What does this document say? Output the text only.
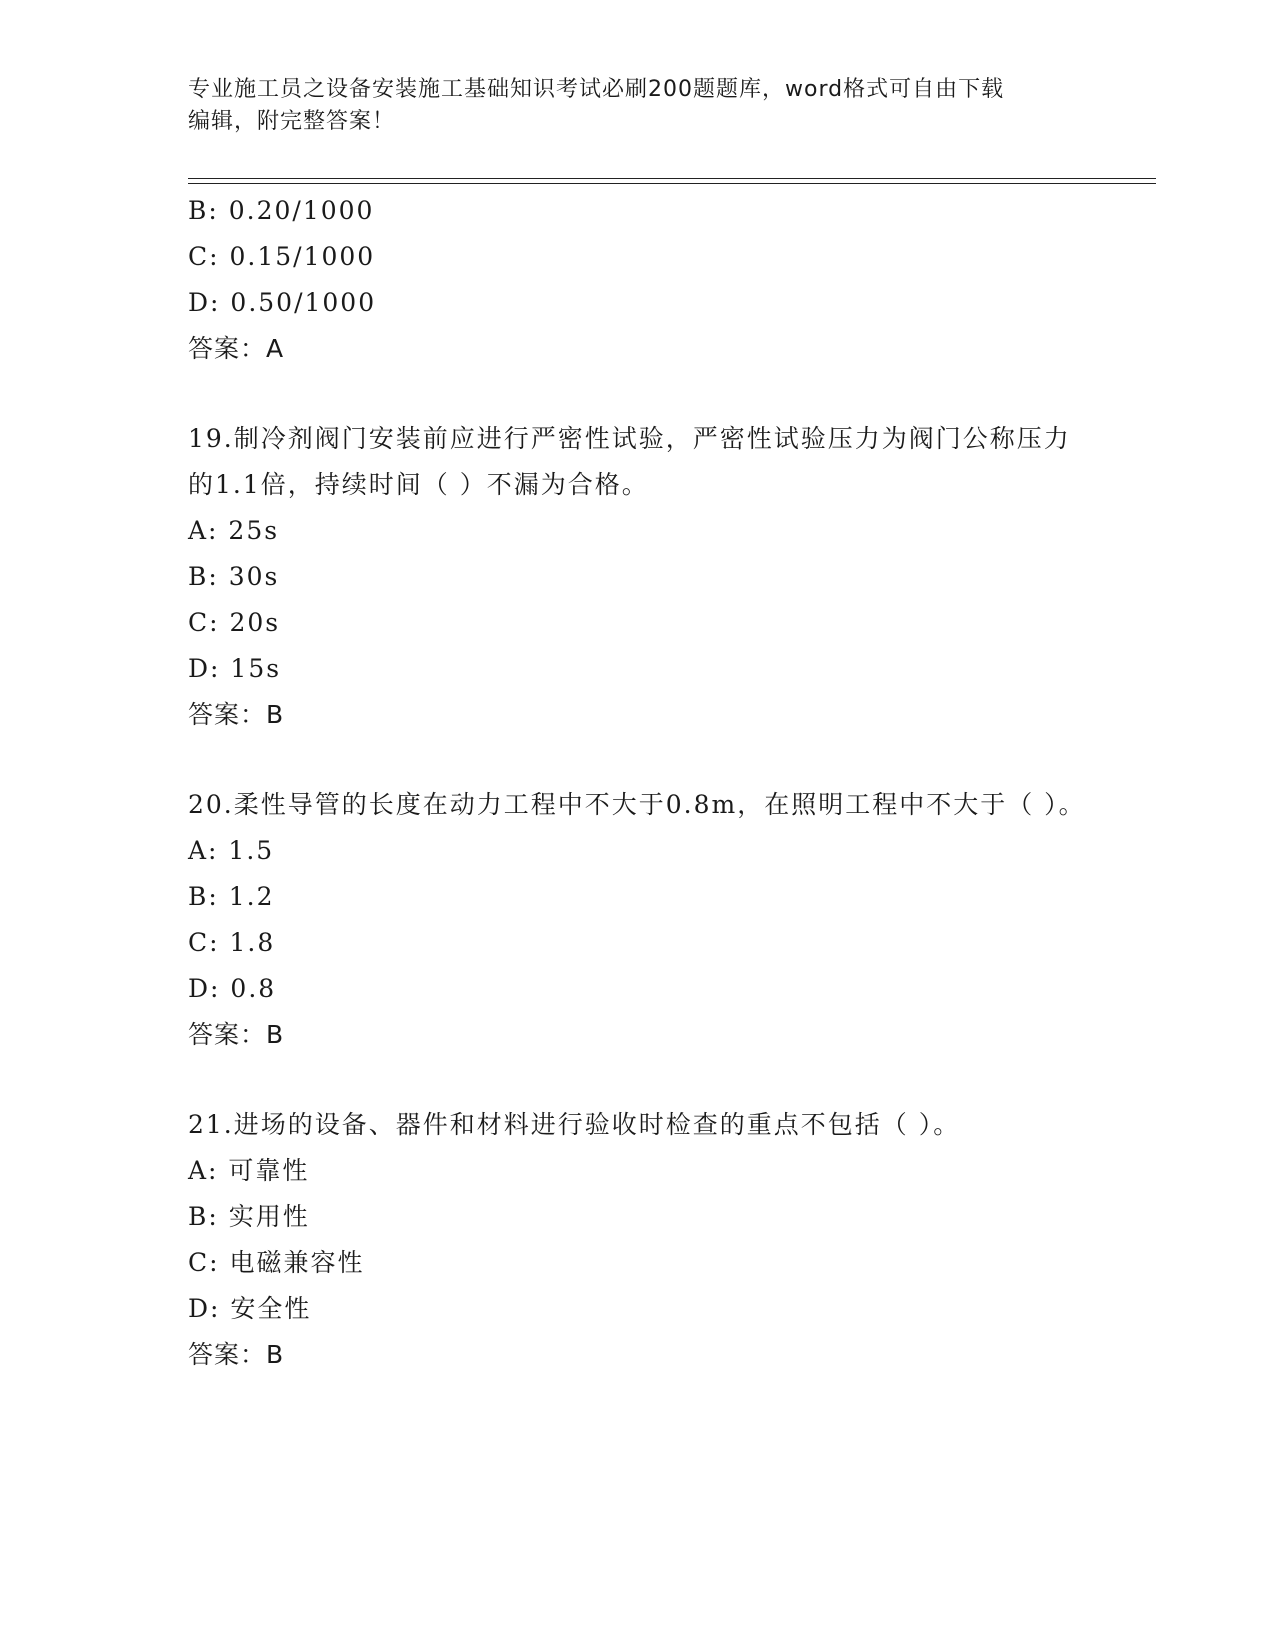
专业施工员之设备安装施工基础知识考试必刷200题题库，word格式可自由下载
编辑，附完整答案！
B: 0.20/1000
C: 0.15/1000
D: 0.50/1000
答案：A
19.制冷剂阀门安装前应进行严密性试验，严密性试验压力为阀门公称压力的1.1倍，持续时间（ ）不漏为合格。
A: 25s
B: 30s
C: 20s
D: 15s
答案：B
20.柔性导管的长度在动力工程中不大于0.8m，在照明工程中不大于（ ）。
A: 1.5
B: 1.2
C: 1.8
D: 0.8
答案：B
21.进场的设备、器件和材料进行验收时检查的重点不包括（ ）。
A: 可靠性
B: 实用性
C: 电磁兼容性
D: 安全性
答案：B
